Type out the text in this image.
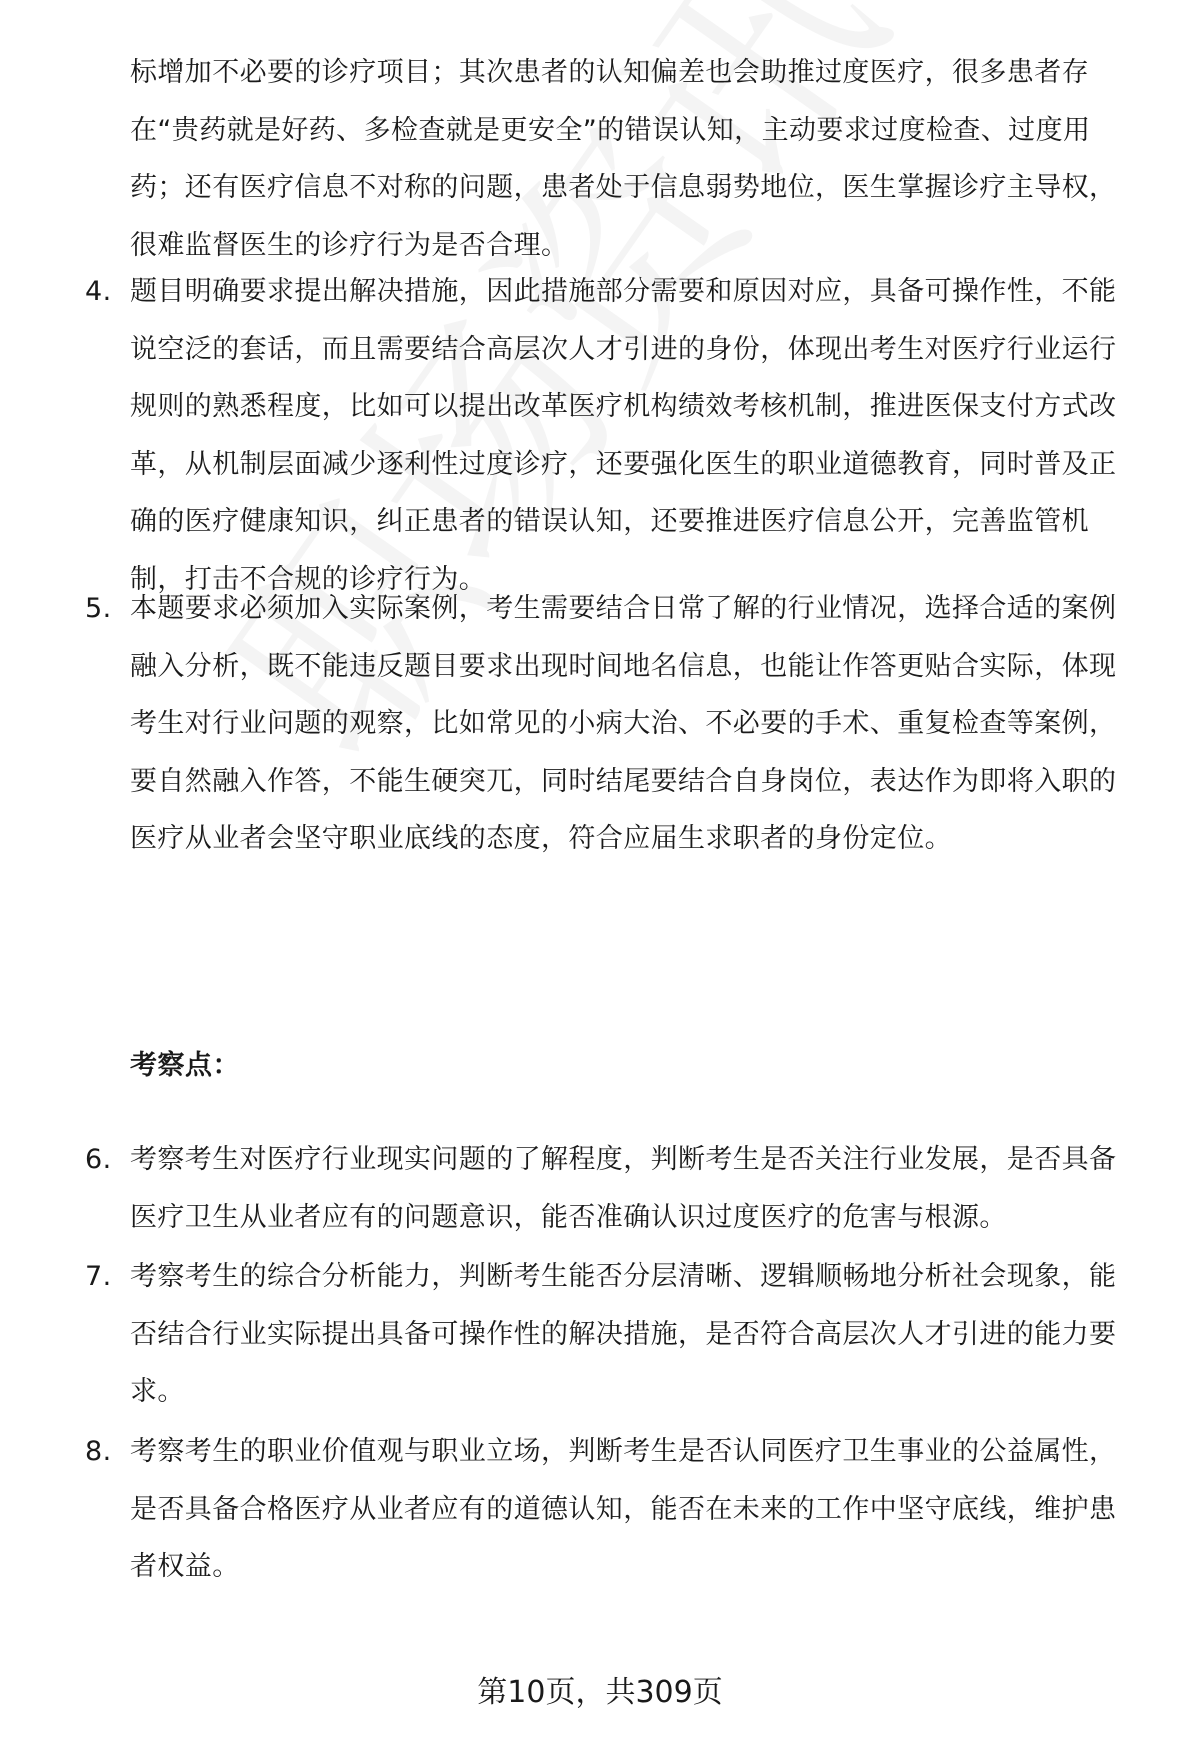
标增加不必要的诊疗项目；其次患者的认知偏差也会助推过度医疗，很多患者存在“贵药就是好药、多检查就是更安全”的错误认知，主动要求过度检查、过度用药；还有医疗信息不对称的问题，患者处于信息弱势地位，医生掌握诊疗主导权，很难监督医生的诊疗行为是否合理。
4. 题目明确要求提出解决措施，因此措施部分需要和原因对应，具备可操作性，不能说空泛的套话，而且需要结合高层次人才引进的身份，体现出考生对医疗行业运行规则的熟悉程度，比如可以提出改革医疗机构绩效考核机制，推进医保支付方式改革，从机制层面减少逐利性过度诊疗，还要强化医生的职业道德教育，同时普及正确的医疗健康知识，纠正患者的错误认知，还要推进医疗信息公开，完善监管机制，打击不合规的诊疗行为。
5. 本题要求必须加入实际案例，考生需要结合日常了解的行业情况，选择合适的案例融入分析，既不能违反题目要求出现时间地名信息，也能让作答更贴合实际，体现考生对行业问题的观察，比如常见的小病大治、不必要的手术、重复检查等案例，要自然融入作答，不能生硬突兀，同时结尾要结合自身岗位，表达作为即将入职的医疗从业者会坚守职业底线的态度，符合应届生求职者的身份定位。
考察点：
6. 考察考生对医疗行业现实问题的了解程度，判断考生是否关注行业发展，是否具备医疗卫生从业者应有的问题意识，能否准确认识过度医疗的危害与根源。
7. 考察考生的综合分析能力，判断考生能否分层清晰、逻辑顺畅地分析社会现象，能否结合行业实际提出具备可操作性的解决措施，是否符合高层次人才引进的能力要求。
8. 考察考生的职业价值观与职业立场，判断考生是否认同医疗卫生事业的公益属性，是否具备合格医疗从业者应有的道德认知，能否在未来的工作中坚守底线，维护患者权益。
第10页，共309页
